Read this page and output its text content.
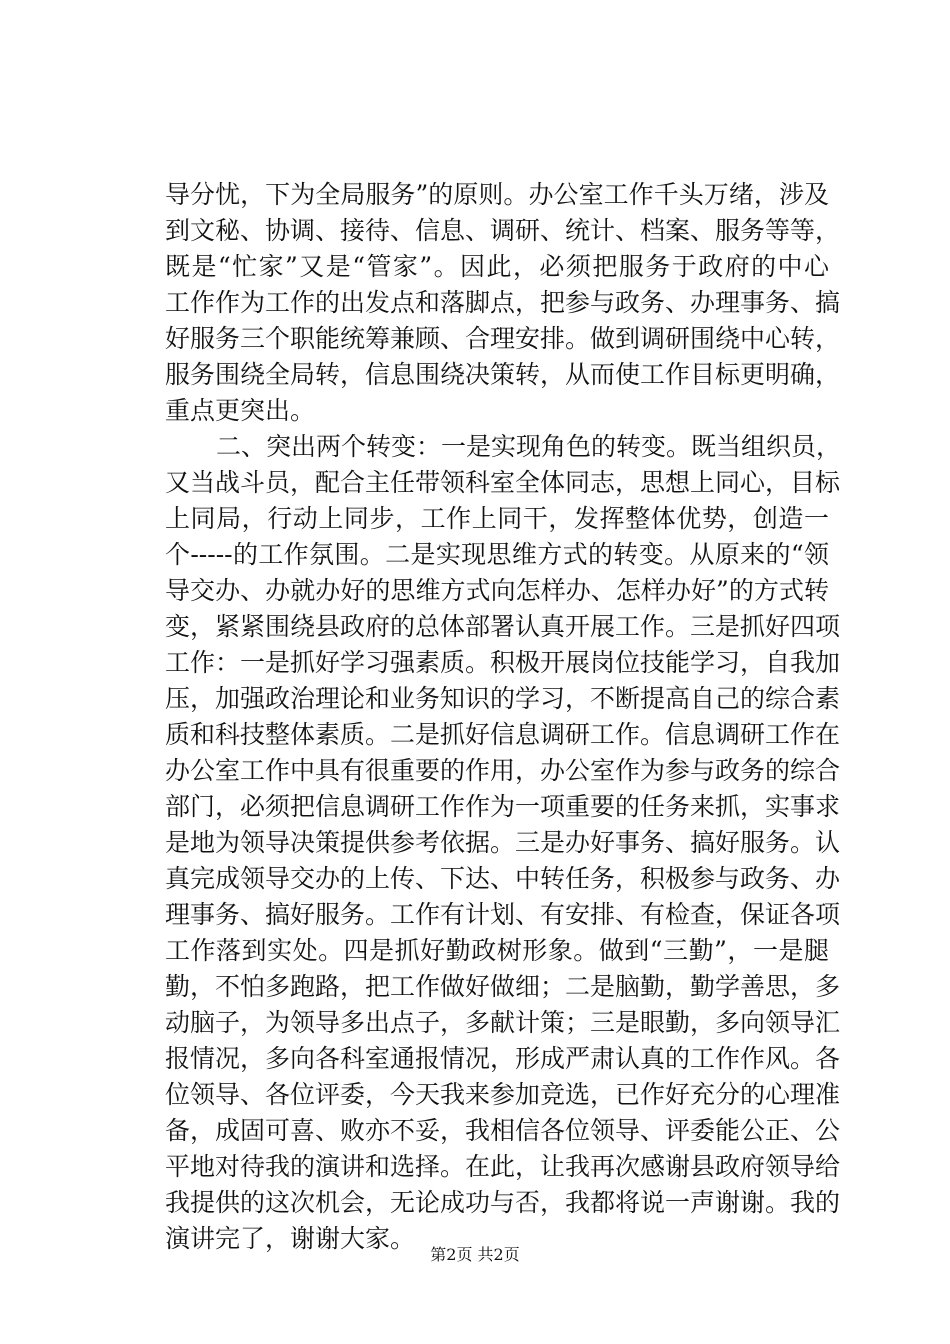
导分忧，下为全局服务”的原则。办公室工作千头万绪，涉及
到文秘、协调、接待、信息、调研、统计、档案、服务等等，
既是“忙家”又是“管家”。因此，必须把服务于政府的中心
工作作为工作的出发点和落脚点，把参与政务、办理事务、搞
好服务三个职能统筹兼顾、合理安排。做到调研围绕中心转，
服务围绕全局转，信息围绕决策转，从而使工作目标更明确，
重点更突出。
二、突出两个转变：一是实现角色的转变。既当组织员，
又当战斗员，配合主任带领科室全体同志，思想上同心，目标
上同局，行动上同步，工作上同干，发挥整体优势，创造一
个-----的工作氛围。二是实现思维方式的转变。从原来的“领
导交办、办就办好的思维方式向怎样办、怎样办好”的方式转
变，紧紧围绕县政府的总体部署认真开展工作。三是抓好四项
工作：一是抓好学习强素质。积极开展岗位技能学习，自我加
压，加强政治理论和业务知识的学习，不断提高自己的综合素
质和科技整体素质。二是抓好信息调研工作。信息调研工作在
办公室工作中具有很重要的作用，办公室作为参与政务的综合
部门，必须把信息调研工作作为一项重要的任务来抓，实事求
是地为领导决策提供参考依据。三是办好事务、搞好服务。认
真完成领导交办的上传、下达、中转任务，积极参与政务、办
理事务、搞好服务。工作有计划、有安排、有检查，保证各项
工作落到实处。四是抓好勤政树形象。做到“三勤”，一是腿
勤，不怕多跑路，把工作做好做细；二是脑勤，勤学善思，多
动脑子，为领导多出点子，多献计策；三是眼勤，多向领导汇
报情况，多向各科室通报情况，形成严肃认真的工作作风。各
位领导、各位评委，今天我来参加竞选，已作好充分的心理准
备，成固可喜、败亦不妥，我相信各位领导、评委能公正、公
平地对待我的演讲和选择。在此，让我再次感谢县政府领导给
我提供的这次机会，无论成功与否，我都将说一声谢谢。我的
演讲完了，谢谢大家。
第2页 共2页
